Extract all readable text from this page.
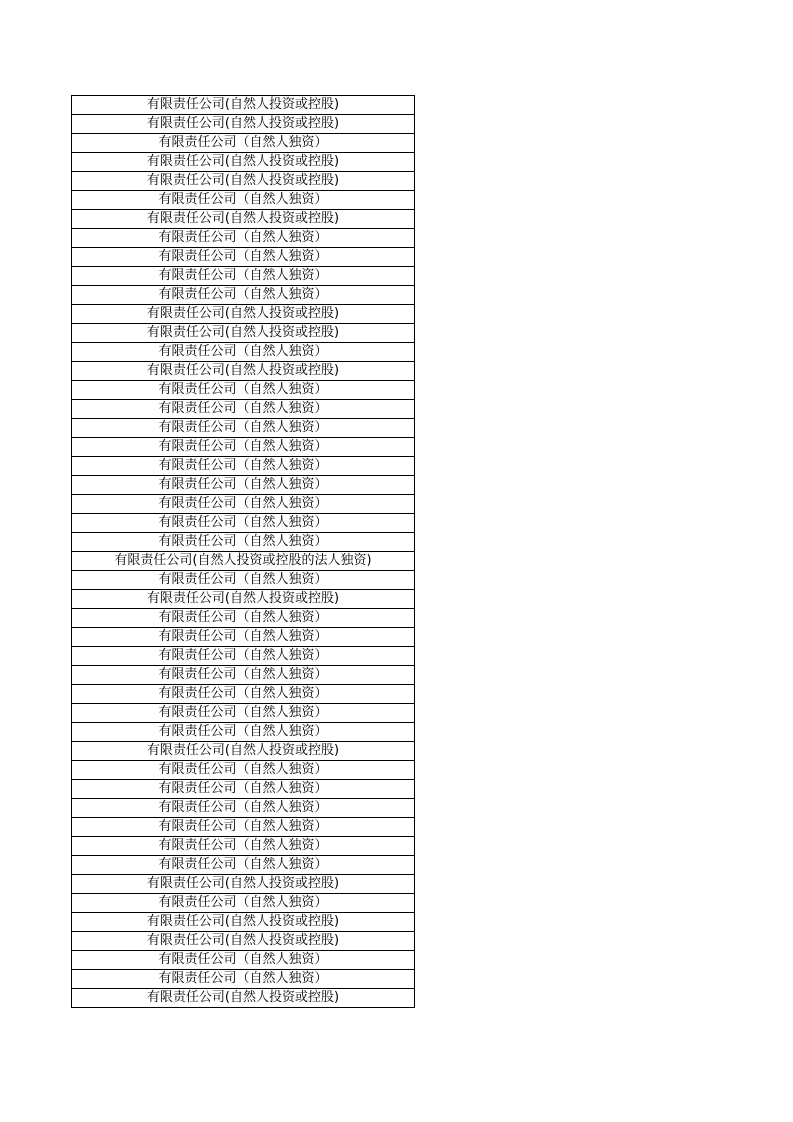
有限责任公司(自然人投资或控股)
有限责任公司(自然人投资或控股)
有限责任公司（自然人独资）
有限责任公司(自然人投资或控股)
有限责任公司(自然人投资或控股)
有限责任公司（自然人独资）
有限责任公司(自然人投资或控股)
有限责任公司（自然人独资）
有限责任公司（自然人独资）
有限责任公司（自然人独资）
有限责任公司（自然人独资）
有限责任公司(自然人投资或控股)
有限责任公司(自然人投资或控股)
有限责任公司（自然人独资）
有限责任公司(自然人投资或控股)
有限责任公司（自然人独资）
有限责任公司（自然人独资）
有限责任公司（自然人独资）
有限责任公司（自然人独资）
有限责任公司（自然人独资）
有限责任公司（自然人独资）
有限责任公司（自然人独资）
有限责任公司（自然人独资）
有限责任公司（自然人独资）
有限责任公司(自然人投资或控股的法人独资)
有限责任公司（自然人独资）
有限责任公司(自然人投资或控股)
有限责任公司（自然人独资）
有限责任公司（自然人独资）
有限责任公司（自然人独资）
有限责任公司（自然人独资）
有限责任公司（自然人独资）
有限责任公司（自然人独资）
有限责任公司（自然人独资）
有限责任公司(自然人投资或控股)
有限责任公司（自然人独资）
有限责任公司（自然人独资）
有限责任公司（自然人独资）
有限责任公司（自然人独资）
有限责任公司（自然人独资）
有限责任公司（自然人独资）
有限责任公司(自然人投资或控股)
有限责任公司（自然人独资）
有限责任公司(自然人投资或控股)
有限责任公司(自然人投资或控股)
有限责任公司（自然人独资）
有限责任公司（自然人独资）
有限责任公司(自然人投资或控股)
